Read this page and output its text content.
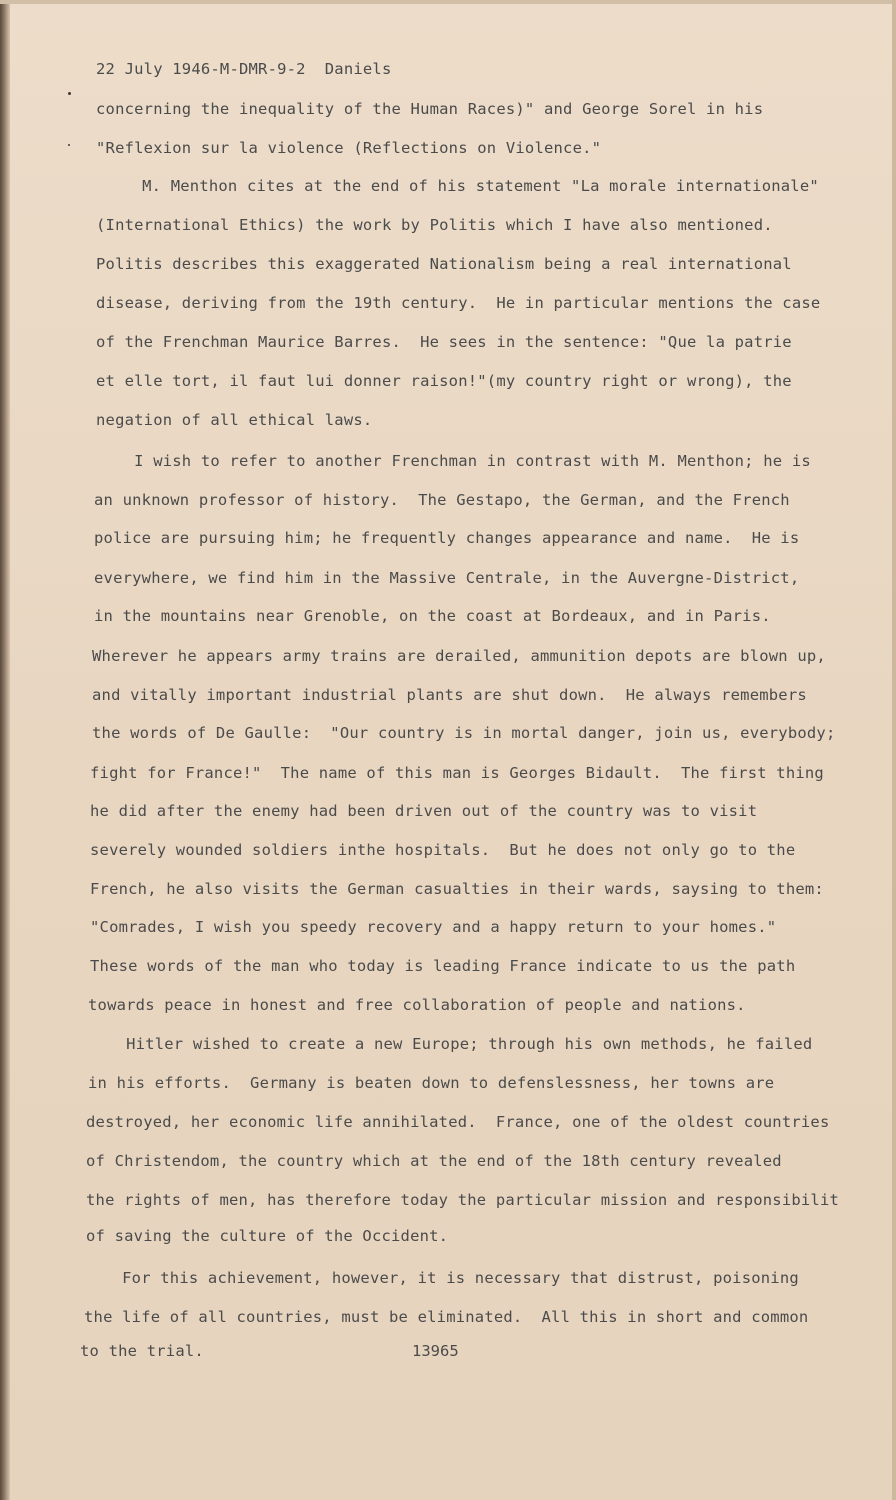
22 July 1946-M-DMR-9-2  Daniels
concerning the inequality of the Human Races)" and George Sorel in his
"Reflexion sur la violence (Reflections on Violence."
M. Menthon cites at the end of his statement "La morale internationale"
(International Ethics) the work by Politis which I have also mentioned.
Politis describes this exaggerated Nationalism being a real international
disease, deriving from the 19th century.  He in particular mentions the case
of the Frenchman Maurice Barres.  He sees in the sentence: "Que la patrie
et elle tort, il faut lui donner raison!"(my country right or wrong), the
negation of all ethical laws.
I wish to refer to another Frenchman in contrast with M. Menthon; he is
an unknown professor of history.  The Gestapo, the German, and the French
police are pursuing him; he frequently changes appearance and name.  He is
everywhere, we find him in the Massive Centrale, in the Auvergne-District,
in the mountains near Grenoble, on the coast at Bordeaux, and in Paris.
Wherever he appears army trains are derailed, ammunition depots are blown up,
and vitally important industrial plants are shut down.  He always remembers
the words of De Gaulle:  "Our country is in mortal danger, join us, everybody;
fight for France!"  The name of this man is Georges Bidault.  The first thing
he did after the enemy had been driven out of the country was to visit
severely wounded soldiers inthe hospitals.  But he does not only go to the
French, he also visits the German casualties in their wards, saysing to them:
"Comrades, I wish you speedy recovery and a happy return to your homes."
These words of the man who today is leading France indicate to us the path
towards peace in honest and free collaboration of people and nations.
Hitler wished to create a new Europe; through his own methods, he failed
in his efforts.  Germany is beaten down to defenslessness, her towns are
destroyed, her economic life annihilated.  France, one of the oldest countries
of Christendom, the country which at the end of the 18th century revealed
the rights of men, has therefore today the particular mission and responsibilit
of saving the culture of the Occident.
For this achievement, however, it is necessary that distrust, poisoning
the life of all countries, must be eliminated.  All this in short and common
to the trial.	13965
